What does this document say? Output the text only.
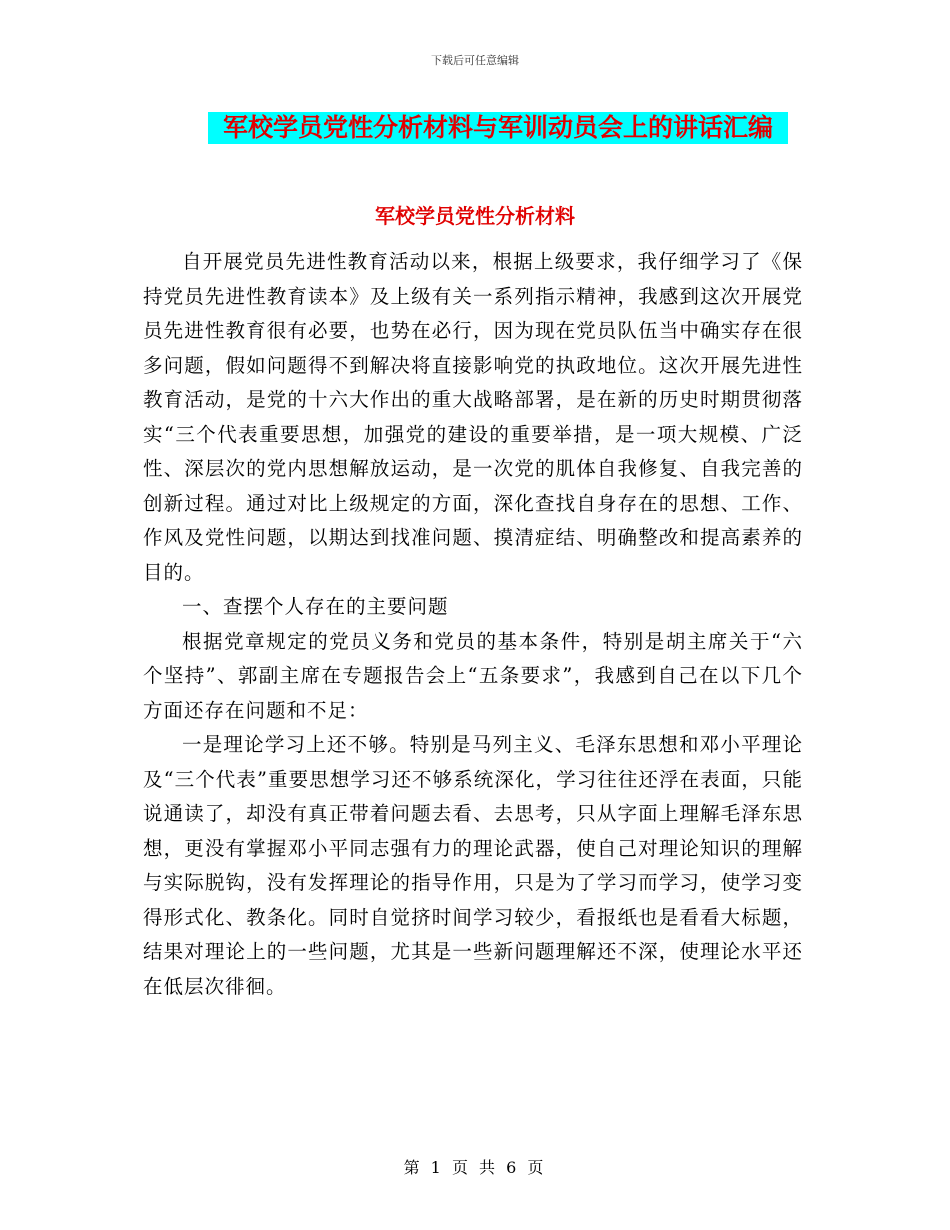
下载后可任意编辑
军校学员党性分析材料与军训动员会上的讲话汇编
军校学员党性分析材料

自开展党员先进性教育活动以来，根据上级要求，我仔细学习了《保持党员先进性教育读本》及上级有关一系列指示精神，我感到这次开展党员先进性教育很有必要，也势在必行，因为现在党员队伍当中确实存在很多问题，假如问题得不到解决将直接影响党的执政地位。这次开展先进性教育活动，是党的十六大作出的重大战略部署，是在新的历史时期贯彻落实“三个代表重要思想，加强党的建设的重要举措，是一项大规模、广泛性、深层次的党内思想解放运动，是一次党的肌体自我修复、自我完善的创新过程。通过对比上级规定的方面，深化查找自身存在的思想、工作、作风及党性问题，以期达到找准问题、摸清症结、明确整改和提高素养的目的。

一、查摆个人存在的主要问题

根据党章规定的党员义务和党员的基本条件，特别是胡主席关于“六个坚持”、郭副主席在专题报告会上“五条要求”，我感到自己在以下几个方面还存在问题和不足：

一是理论学习上还不够。特别是马列主义、毛泽东思想和邓小平理论及“三个代表”重要思想学习还不够系统深化，学习往往还浮在表面，只能说通读了，却没有真正带着问题去看、去思考，只从字面上理解毛泽东思想，更没有掌握邓小平同志强有力的理论武器，使自己对理论知识的理解与实际脱钩，没有发挥理论的指导作用，只是为了学习而学习，使学习变得形式化、教条化。同时自觉挤时间学习较少，看报纸也是看看大标题，结果对理论上的一些问题，尤其是一些新问题理解还不深，使理论水平还在低层次徘徊。

第 1 页 共 6 页
